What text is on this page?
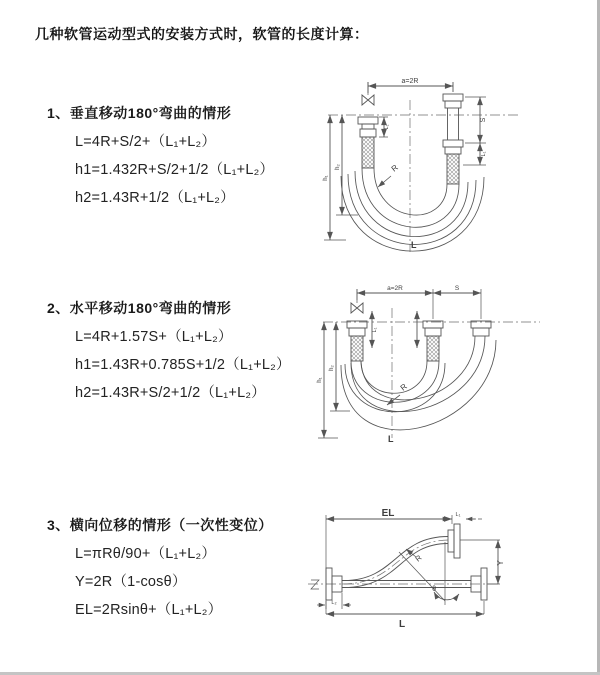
几种软管运动型式的安装方式时，软管的长度计算：
1、垂直移动180°弯曲的情形

L=4R+S/2+（L₁+L₂）

h1=1.432R+S/2+1/2（L₁+L₂）

h2=1.43R+1/2（L₁+L₂）

2、水平移动180°弯曲的情形

L=4R+1.57S+（L₁+L₂）

h1=1.43R+0.785S+1/2（L₁+L₂）

h2=1.43R+S/2+1/2（L₁+L₂）

3、横向位移的情形（一次性变位）

L=πRθ/90+（L₁+L₂）

Y=2R（1-cosθ）

EL=2Rsinθ+（L₁+L₂）

a=2R
L₁
S
L₁
h₁
h₂	R
L
a=2R	S
L₁
h₁
h₂
R
L
EL	L₁
Y
R
θ
L₂
L
